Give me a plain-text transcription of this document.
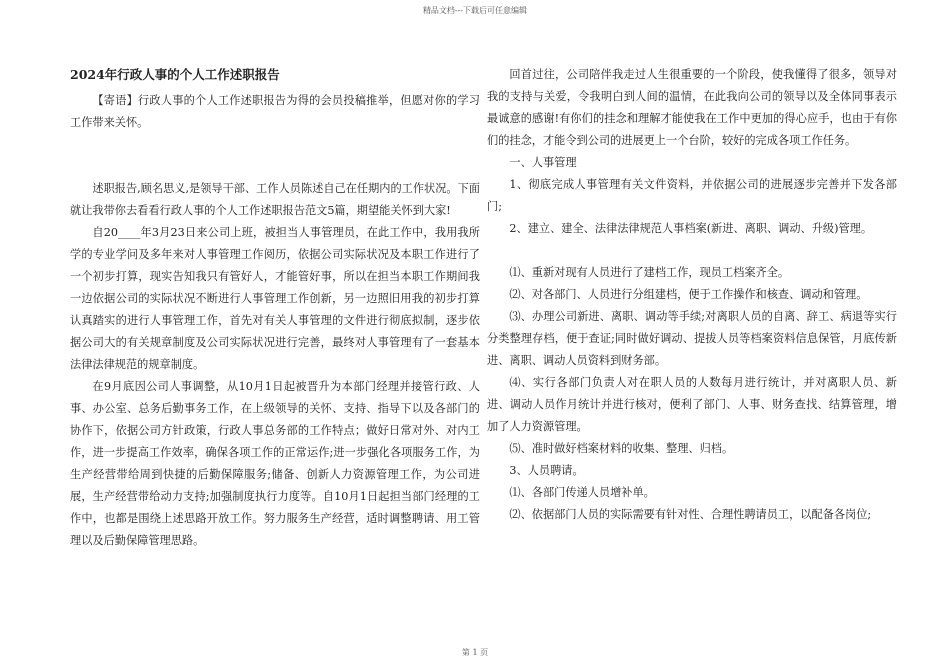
精品文档---下载后可任意编辑

2024年行政人事的个人工作述职报告

【寄语】行政人事的个人工作述职报告为得的会员投稿推举，但愿对你的学习工作带来关怀。

述职报告,顾名思义,是领导干部、工作人员陈述自己在任期内的工作状况。下面就让我带你去看看行政人事的个人工作述职报告范文5篇，期望能关怀到大家!

自20____年3月23日来公司上班，被担当人事管理员，在此工作中，我用我所学的专业学问及多年来对人事管理工作阅历，依据公司实际状况及本职工作进行了一个初步打算，现实告知我只有管好人，才能管好事，所以在担当本职工作期间我一边依据公司的实际状况不断进行人事管理工作创新，另一边照旧用我的初步打算认真踏实的进行人事管理工作，首先对有关人事管理的文件进行彻底拟制，逐步依据公司大的有关规章制度及公司实际状况进行完善，最终对人事管理有了一套基本法律法律规范的规章制度。

在9月底因公司人事调整，从10月1日起被晋升为本部门经理并接管行政、人事、办公室、总务后勤事务工作，在上级领导的关怀、支持、指导下以及各部门的协作下，依据公司方针政策，行政人事总务部的工作特点；做好日常对外、对内工作，进一步提高工作效率，确保各项工作的正常运作;进一步强化各项服务工作，为生产经营带给周到快捷的后勤保障服务;储备、创新人力资源管理工作，为公司进展，生产经营带给动力支持;加强制度执行力度等。自10月1日起担当部门经理的工作中，也都是围绕上述思路开放工作。努力服务生产经营，适时调整聘请、用工管理以及后勤保障管理思路。

回首过往，公司陪伴我走过人生很重要的一个阶段，使我懂得了很多，领导对我的支持与关爱，令我明白到人间的温情，在此我向公司的领导以及全体同事表示最诚意的感谢!有你们的挂念和理解才能使我在工作中更加的得心应手，也由于有你们的挂念，才能令到公司的进展更上一个台阶，较好的完成各项工作任务。

一、人事管理

1、彻底完成人事管理有关文件资料，并依据公司的进展逐步完善并下发各部门;

2、建立、建全、法律法律规范人事档案(新进、离职、调动、升级)管理。

⑴、重新对现有人员进行了建档工作，现员工档案齐全。

⑵、对各部门、人员进行分组建档，便于工作操作和核查、调动和管理。

⑶、办理公司新进、离职、调动等手续;对离职人员的自离、辞工、病退等实行分类整理存档，便于查证;同时做好调动、提拔人员等档案资料信息保管，月底传新进、离职、调动人员资料到财务部。

⑷、实行各部门负责人对在职人员的人数每月进行统计，并对离职人员、新进、调动人员作月统计并进行核对，便利了部门、人事、财务查找、结算管理，增加了人力资源管理。

⑸、准时做好档案材料的收集、整理、归档。

3、人员聘请。

⑴、各部门传递人员增补单。

⑵、依据部门人员的实际需要有针对性、合理性聘请员工，以配备各岗位;

第 1 页
